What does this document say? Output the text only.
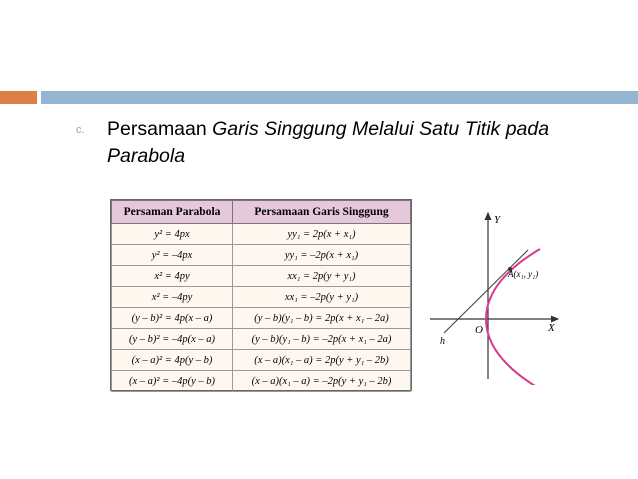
c. Persamaan Garis Singgung Melalui Satu Titik pada Parabola
Persaman Parabola	Persamaan Garis Singgung
y² = 4px	yy₁ = 2p(x + x₁)
y² = –4px	yy₁ = –2p(x + x₁)
x² = 4py	xx₁ = 2p(y + y₁)
x² = –4py	xx₁ = –2p(y + y₁)
(y – b)² = 4p(x – a)	(y – b)(y₁ – b) = 2p(x + x₁ – 2a)
(y – b)² = –4p(x – a)	(y – b)(y₁ – b) = –2p(x + x₁ – 2a)
(x – a)² = 4p(y – b)	(x – a)(x₁ – a) = 2p(y + y₁ – 2b)
(x – a)² = –4p(y – b)	(x – a)(x₁ – a) = –2p(y + y₁ – 2b)
Y
X
O
A(x₁, y₁)
h
